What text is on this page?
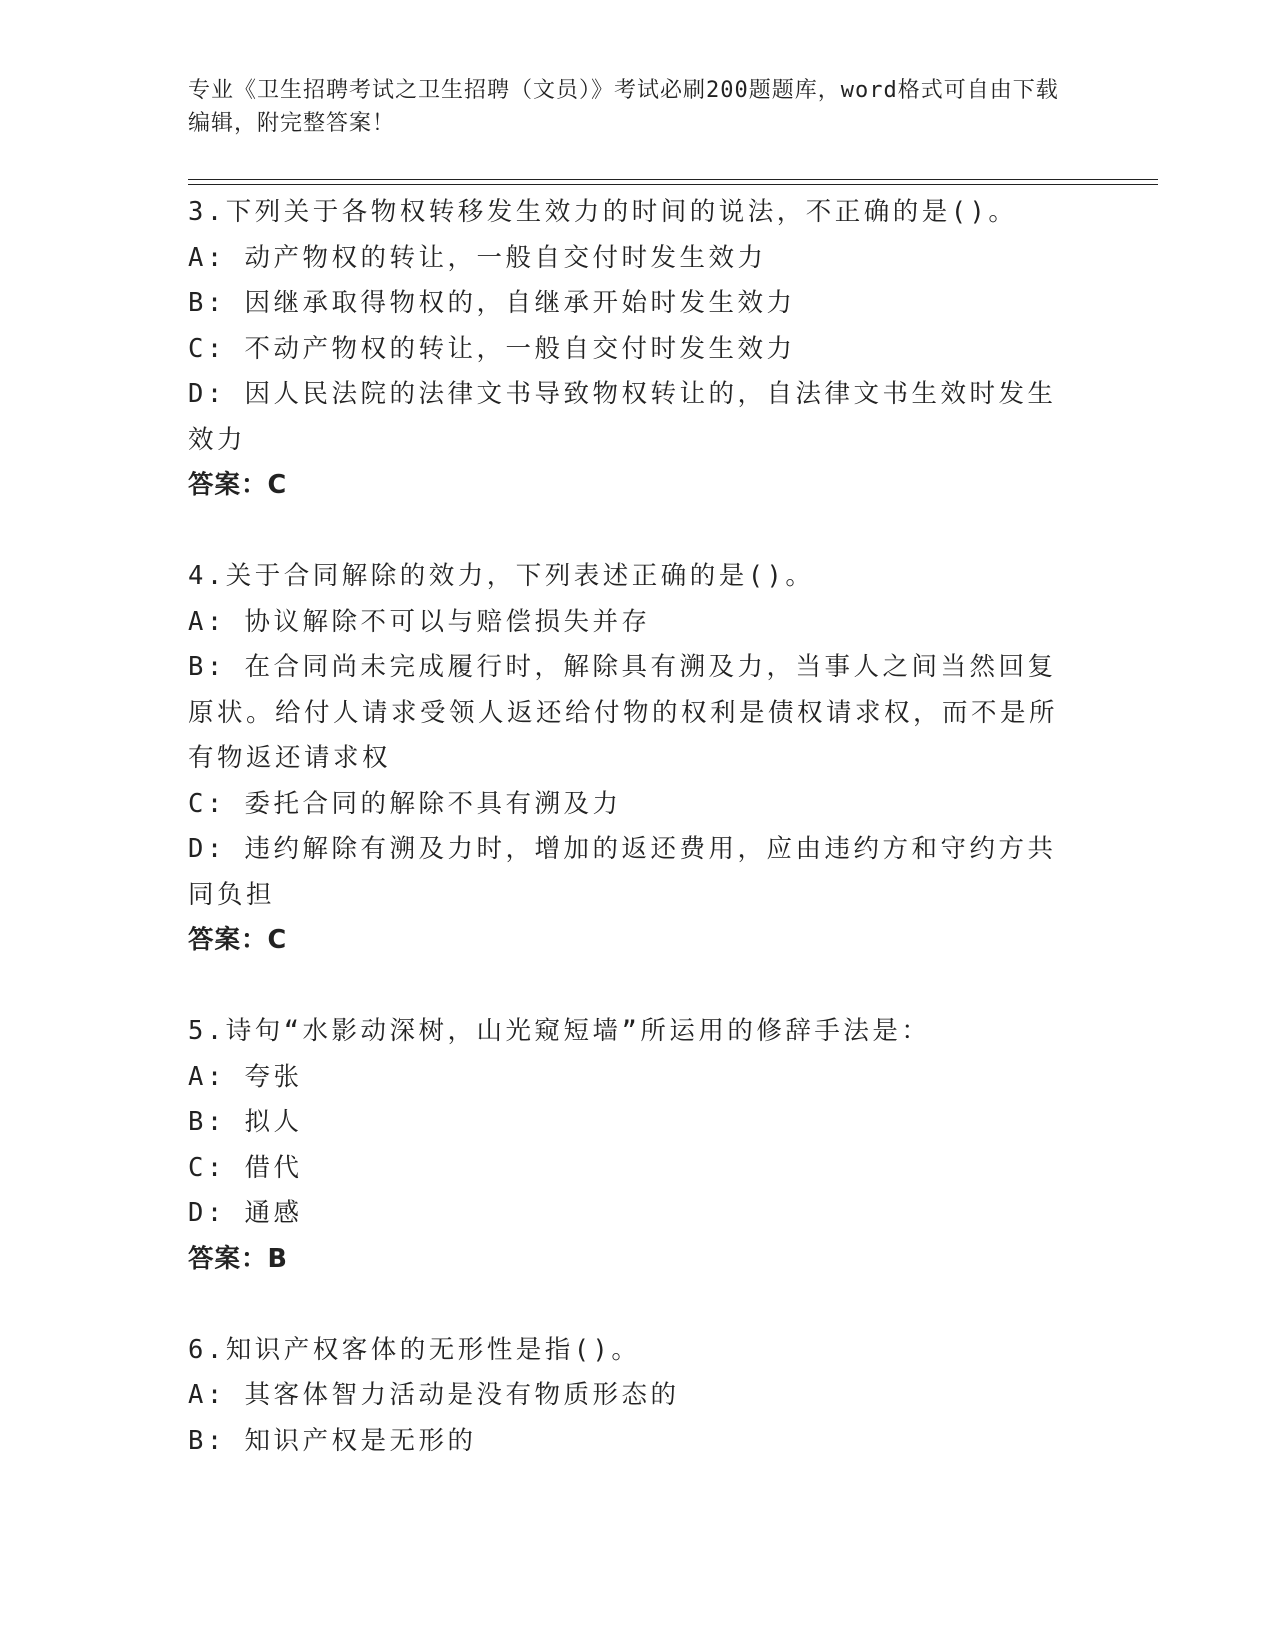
专业《卫生招聘考试之卫生招聘（文员）》考试必刷200题题库，word格式可自由下载编辑，附完整答案！
3.下列关于各物权转移发生效力的时间的说法，不正确的是()。
A: 动产物权的转让，一般自交付时发生效力
B: 因继承取得物权的，自继承开始时发生效力
C: 不动产物权的转让，一般自交付时发生效力
D: 因人民法院的法律文书导致物权转让的，自法律文书生效时发生效力
答案：C
4.关于合同解除的效力，下列表述正确的是()。
A: 协议解除不可以与赔偿损失并存
B: 在合同尚未完成履行时，解除具有溯及力，当事人之间当然回复原状。给付人请求受领人返还给付物的权利是债权请求权，而不是所有物返还请求权
C: 委托合同的解除不具有溯及力
D: 违约解除有溯及力时，增加的返还费用，应由违约方和守约方共同负担
答案：C
5.诗句“水影动深树，山光窥短墙”所运用的修辞手法是：
A: 夸张
B: 拟人
C: 借代
D: 通感
答案：B
6.知识产权客体的无形性是指()。
A: 其客体智力活动是没有物质形态的
B: 知识产权是无形的
